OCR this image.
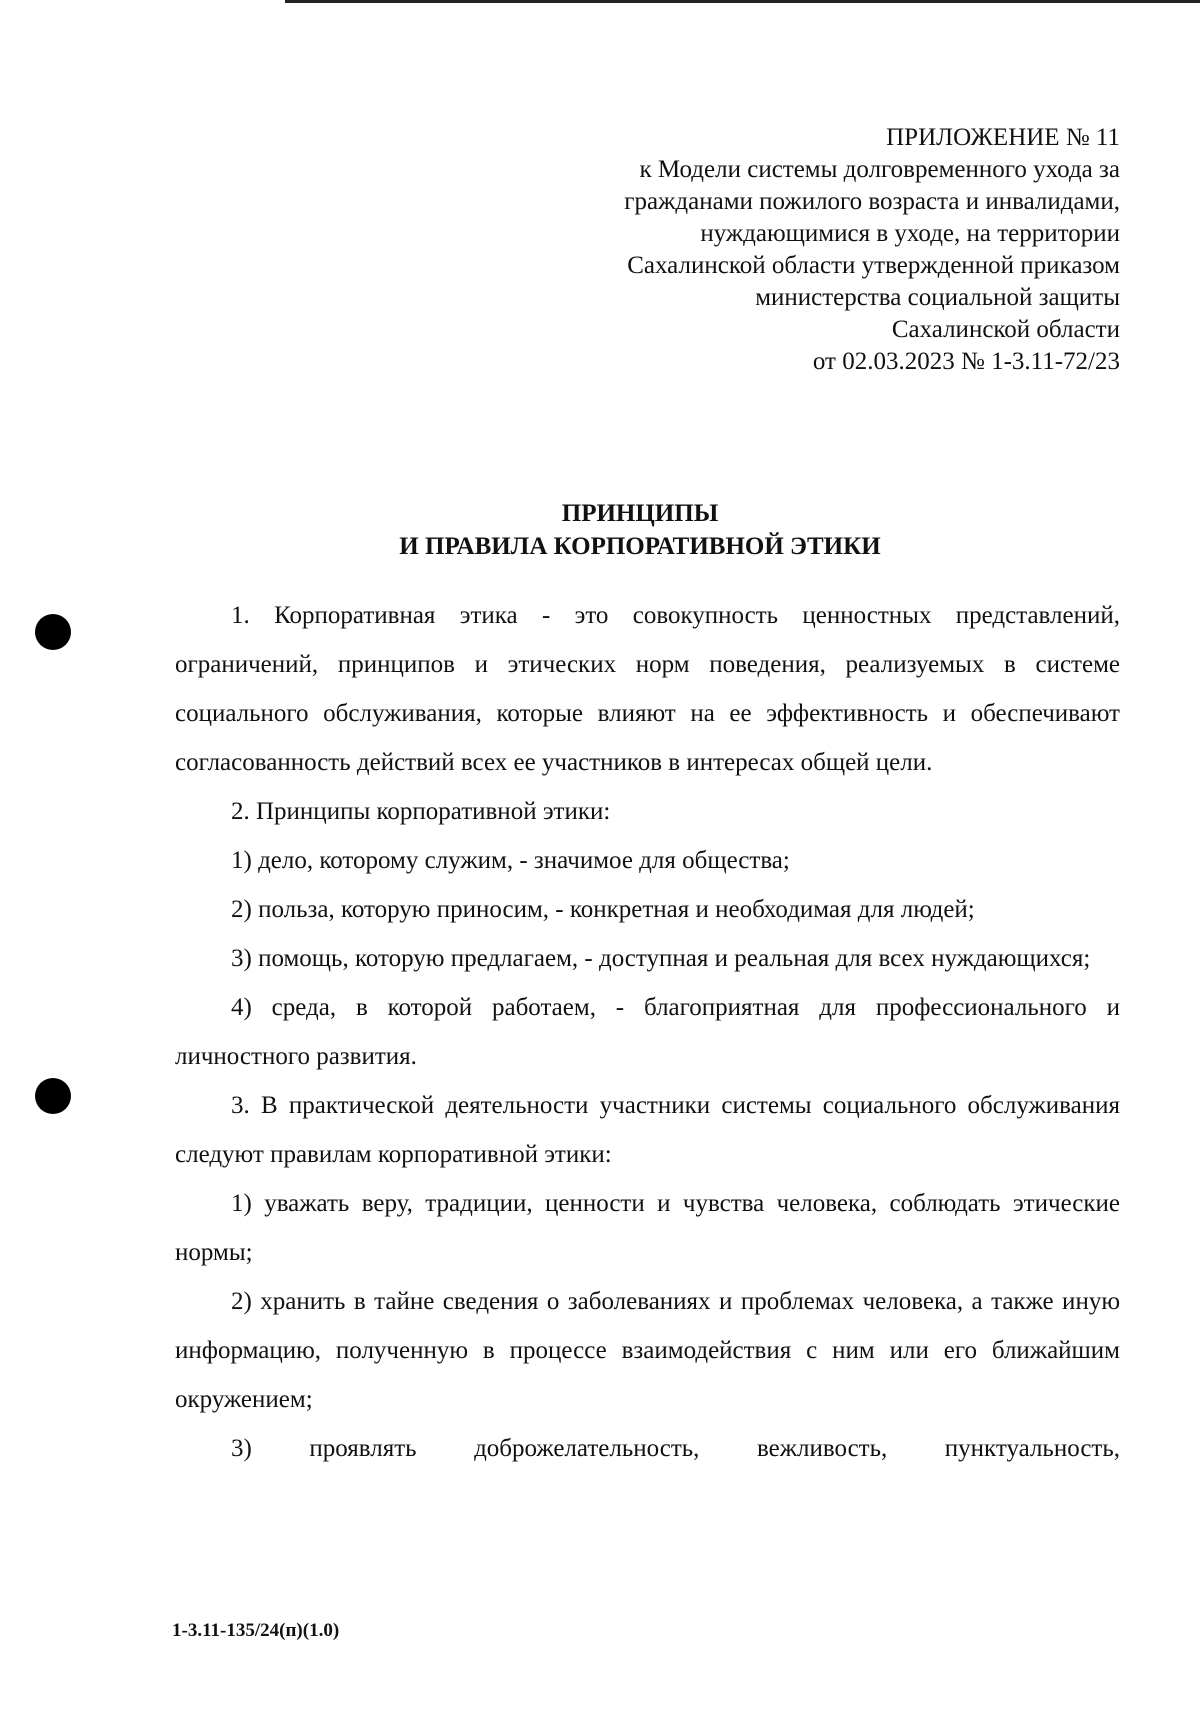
ПРИЛОЖЕНИЕ № 11
к Модели системы долговременного ухода за
гражданами пожилого возраста и инвалидами,
нуждающимися в уходе, на территории
Сахалинской области утвержденной приказом
министерства социальной защиты
Сахалинской области
от 02.03.2023 № 1-3.11-72/23
ПРИНЦИПЫ
И ПРАВИЛА КОРПОРАТИВНОЙ ЭТИКИ

1. Корпоративная этика - это совокупность ценностных представлений, ограничений, принципов и этических норм поведения, реализуемых в системе социального обслуживания, которые влияют на ее эффективность и обеспечивают согласованность действий всех ее участников в интересах общей цели.

2. Принципы корпоративной этики:

1) дело, которому служим, - значимое для общества;

2) польза, которую приносим, - конкретная и необходимая для людей;

3) помощь, которую предлагаем, - доступная и реальная для всех нуждающихся;

4) среда, в которой работаем, - благоприятная для профессионального и личностного развития.

3. В практической деятельности участники системы социального обслуживания следуют правилам корпоративной этики:

1) уважать веру, традиции, ценности и чувства человека, соблюдать этические нормы;

2) хранить в тайне сведения о заболеваниях и проблемах человека, а также иную информацию, полученную в процессе взаимодействия с ним или его ближайшим окружением;

3) проявлять доброжелательность, вежливость, пунктуальность,

1-3.11-135/24(п)(1.0)
